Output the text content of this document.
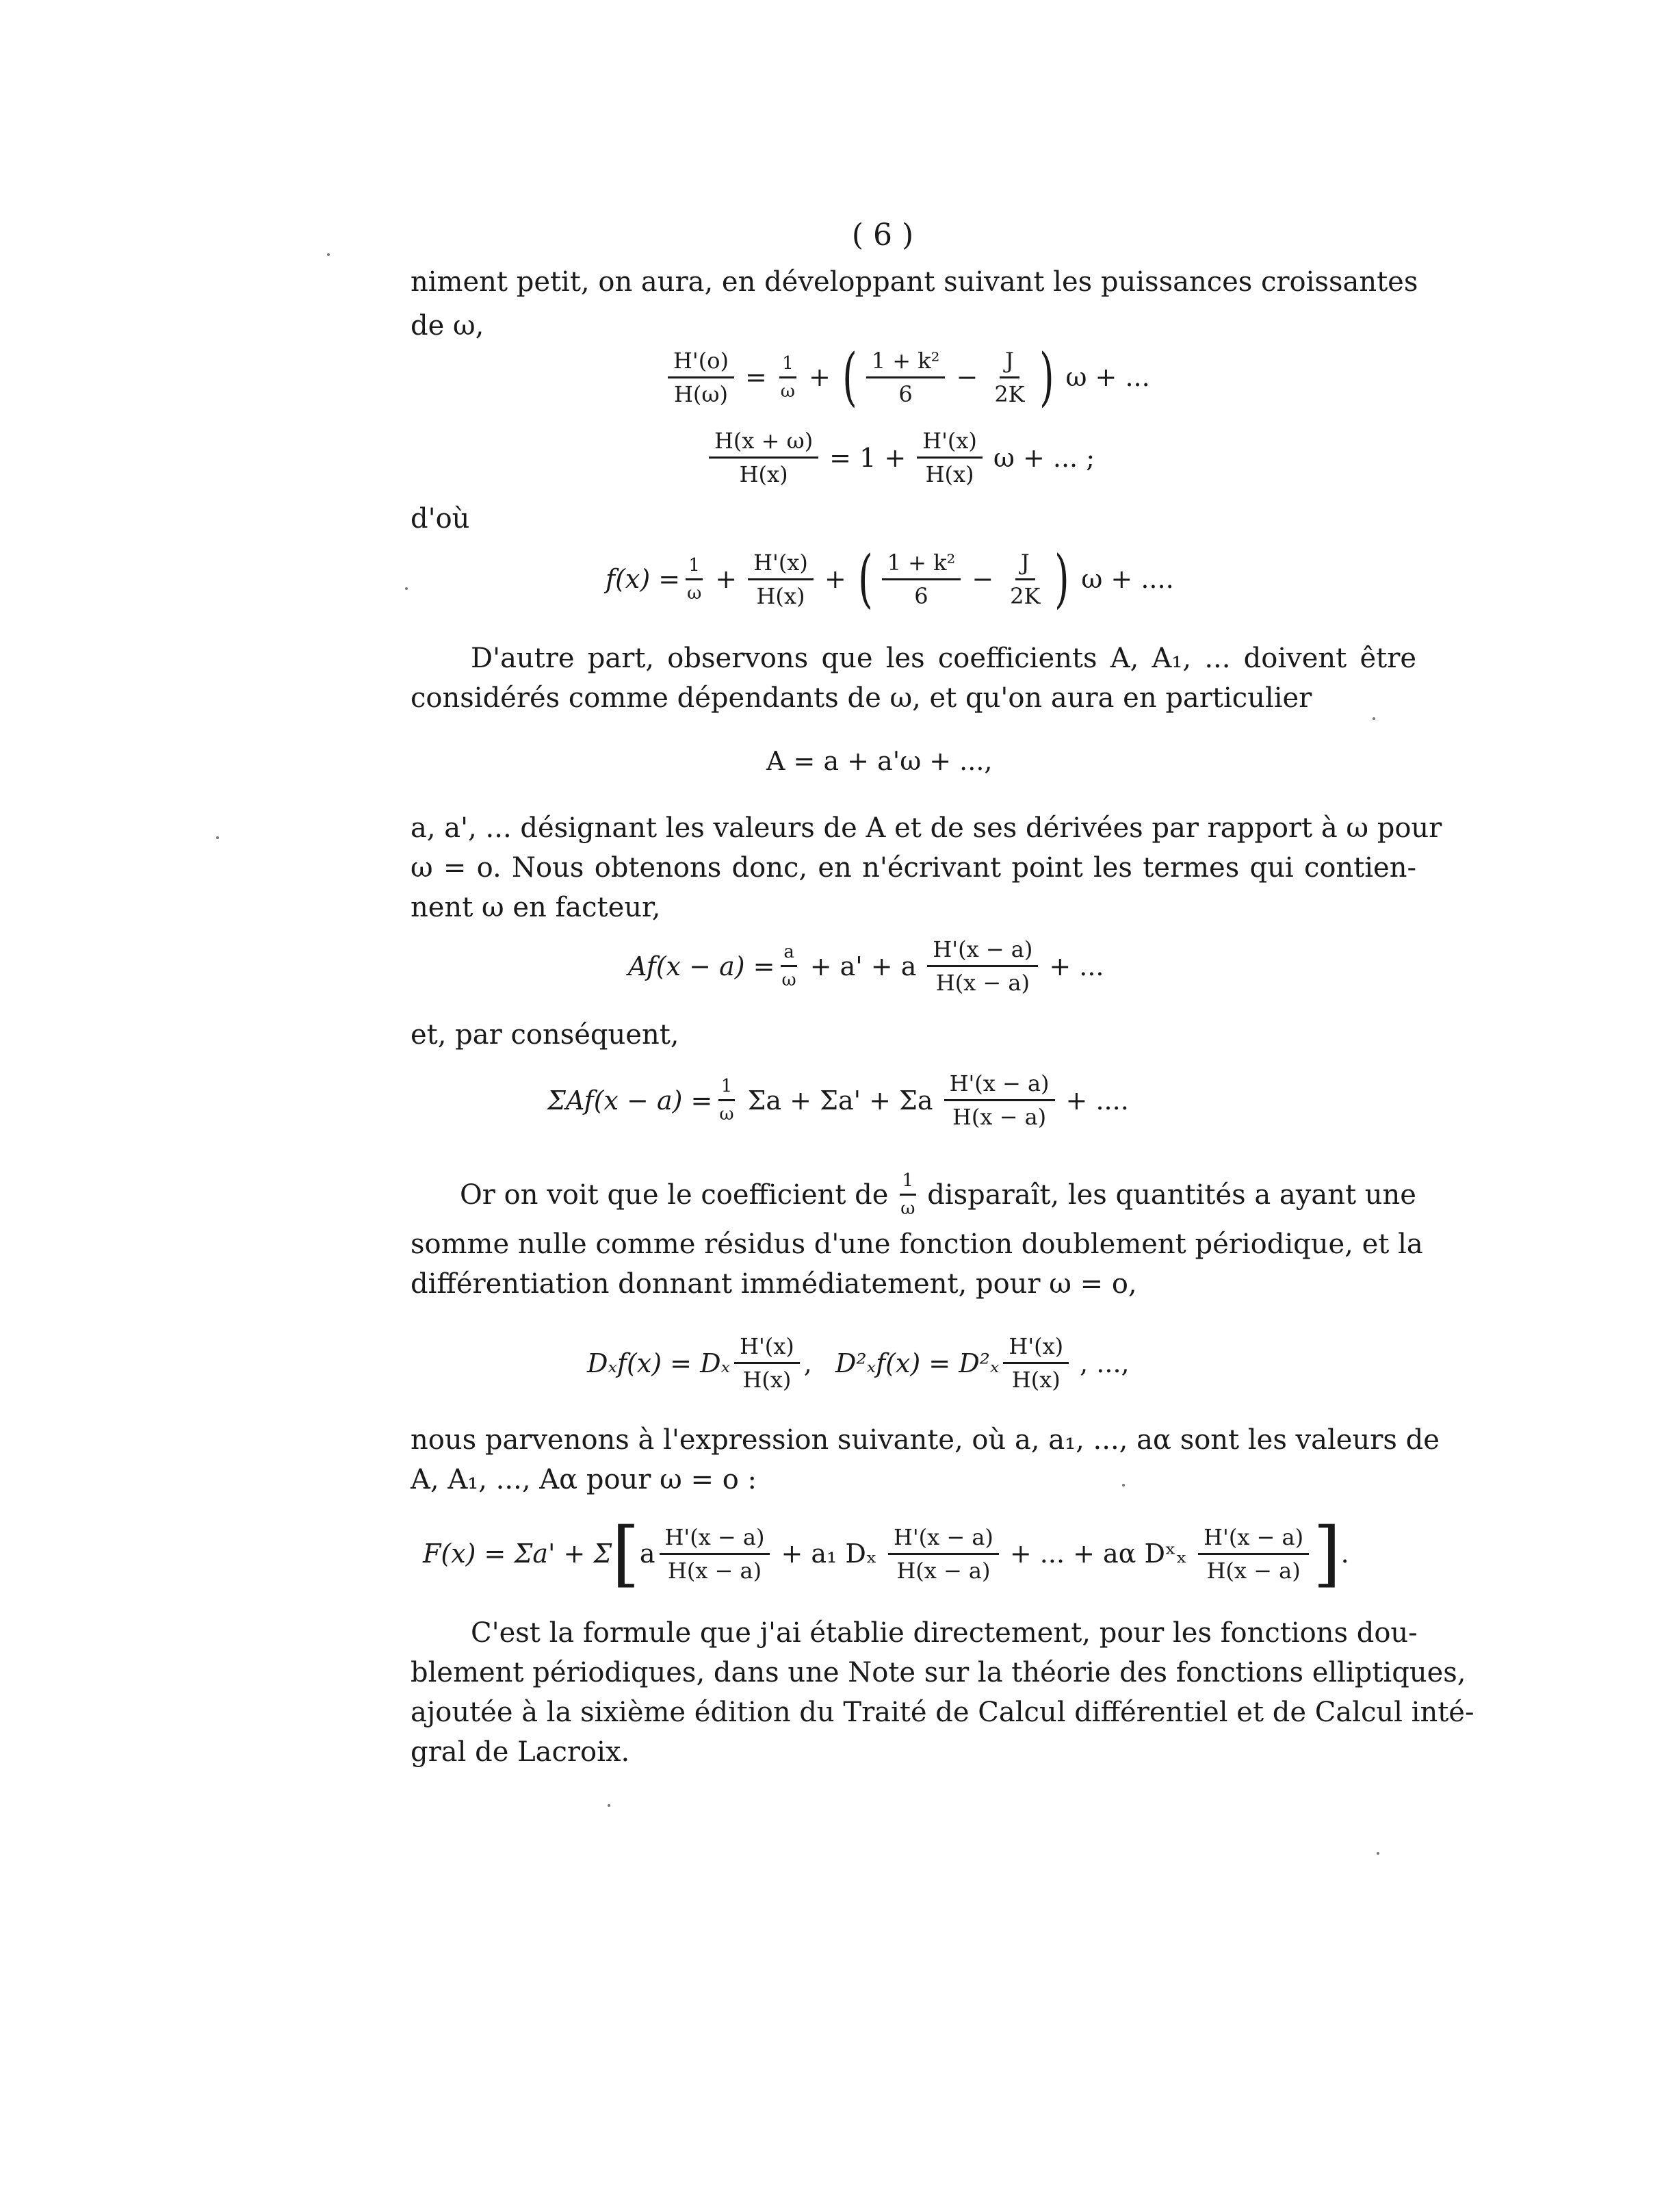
( 6 )
niment petit, on aura, en développant suivant les puissances croissantes
de ω,
$\frac{H'(o)}{H(\omega)} = \frac{1}{\omega}$ + ( $\frac{\text{1 + k²}}{6} - \frac{J}{2K}$ ) ω + ...
$\frac{H(x + \omega)}{H(x)} = 1 + \frac{H'(x)}{H(x)}$ ω + ... ;
d'où
$f(x) = \frac{1}{\omega} + \frac{H'(x)}{H(x)}$ + ( $\frac{\text{1 + k²}}{6} - \frac{J}{2K}$ ) ω + ....
D'autre part, observons que les coefficients A, A₁, ... doivent être
considérés comme dépendants de ω, et qu'on aura en particulier
A = a + a'ω + ...,
a, a', ... désignant les valeurs de A et de ses dérivées par rapport à ω pour
ω = o. Nous obtenons donc, en n'écrivant point les termes qui contien-
nent ω en facteur,
$Af(x - a) = \frac{a}{\omega} + a' + a \frac{H'(x - a)}{H(x - a)}$ + ...
et, par conséquent,
$\Sigma Af(x - a) = \frac{1}{\omega}$ Σa + Σa' + Σa $\frac{H'(x - a)}{H(x - a)}$ + ....
Or on voit que le coefficient de $\frac{1}{\omega}$ disparaît, les quantités a ayant une
somme nulle comme résidus d'une fonction doublement périodique, et la
différentiation donnant immédiatement, pour ω = o,
Dₓf(x) = Dₓ $\frac{H'(x)}{H(x)}$ , $D^2_xf(x) = D^2_x \frac{H'(x)}{H(x)}$ , ...,
nous parvenons à l'expression suivante, où a, a₁, ..., aα sont les valeurs de
A, A₁, ..., Aα pour ω = o :
F(x) = Σa' + Σ [ a $\frac{H'(x - a)}{H(x - a)} + a_1$ Dₓ $\frac{H'(x - a)}{H(x - a)}$ + ... + aα Dˣₓ $\frac{H'(x - a)}{H(x - a)}$ ] .
C'est la formule que j'ai établie directement, pour les fonctions dou-
blement périodiques, dans une Note sur la théorie des fonctions elliptiques,
ajoutée à la sixième édition du Traité de Calcul différentiel et de Calcul inté-
gral de Lacroix.
